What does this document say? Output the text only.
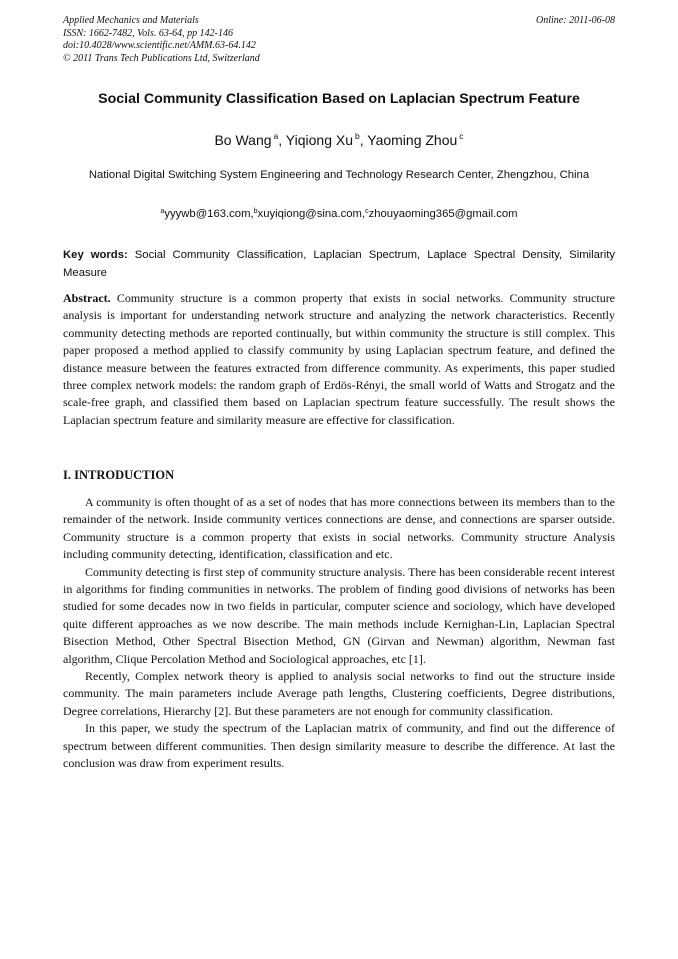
Applied Mechanics and Materials
ISSN: 1662-7482, Vols. 63-64, pp 142-146
doi:10.4028/www.scientific.net/AMM.63-64.142
© 2011 Trans Tech Publications Ltd, Switzerland
Online: 2011-06-08
Social Community Classification Based on Laplacian Spectrum Feature
Bo Wang $^a$, Yiqiong Xu $^b$, Yaoming Zhou $^c$
National Digital Switching System Engineering and Technology Research Center, Zhengzhou, China
$^a$yyywb@163.com,$^b$xuyiqiong@sina.com,$^c$zhouyaoming365@gmail.com
Key words: Social Community Classification, Laplacian Spectrum, Laplace Spectral Density, Similarity Measure
Abstract. Community structure is a common property that exists in social networks. Community structure analysis is important for understanding network structure and analyzing the network characteristics. Recently community detecting methods are reported continually, but within community the structure is still complex. This paper proposed a method applied to classify community by using Laplacian spectrum feature, and defined the distance measure between the features extracted from difference community. As experiments, this paper studied three complex network models: the random graph of Erdös-Rényi, the small world of Watts and Strogatz and the scale-free graph, and classified them based on Laplacian spectrum feature successfully. The result shows the Laplacian spectrum feature and similarity measure are effective for classification.
I. INTRODUCTION

A community is often thought of as a set of nodes that has more connections between its members than to the remainder of the network. Inside community vertices connections are dense, and connections are sparser outside. Community structure is a common property that exists in social networks. Community structure Analysis including community detecting, identification, classification and etc.

Community detecting is first step of community structure analysis. There has been considerable recent interest in algorithms for finding communities in networks. The problem of finding good divisions of networks has been studied for some decades now in two fields in particular, computer science and sociology, which have developed quite different approaches as we now describe. The main methods include Kernighan-Lin, Laplacian Spectral Bisection Method, Other Spectral Bisection Method, GN (Girvan and Newman) algorithm, Newman fast algorithm, Clique Percolation Method and Sociological approaches, etc [1].

Recently, Complex network theory is applied to analysis social networks to find out the structure inside community. The main parameters include Average path lengths, Clustering coefficients, Degree distributions, Degree correlations, Hierarchy [2]. But these parameters are not enough for community classification.

In this paper, we study the spectrum of the Laplacian matrix of community, and find out the difference of spectrum between different communities. Then design similarity measure to describe the difference. At last the conclusion was draw from experiment results.
